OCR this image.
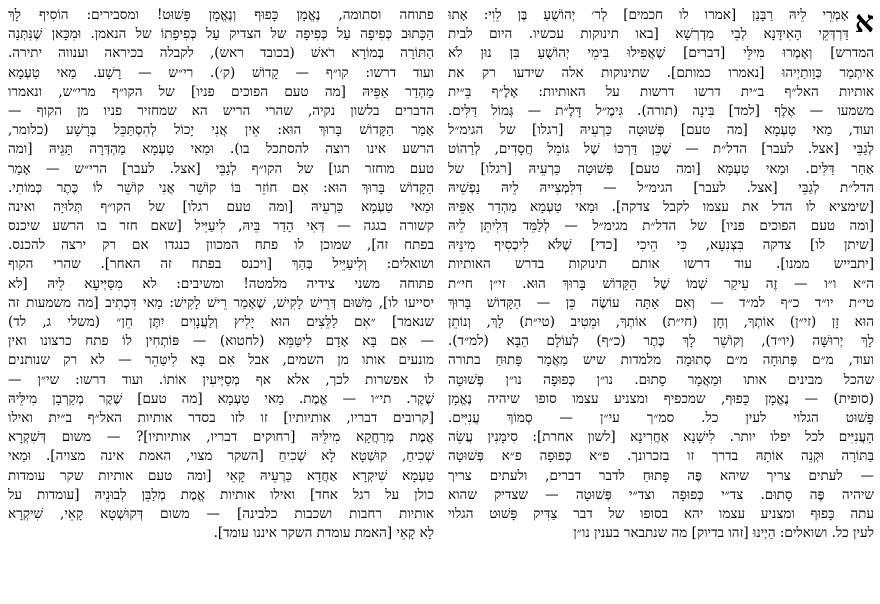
א
אָמְרֵי לֵיהּ רַבָּנַן [אמרו לו חכמים] לְר׳ יְהוֹשֻׁעַ בֶּן לֵוִי: אָתוּ
דַּרְדְּקֵי הָאִידָּנָא לְבֵי מִדְרְשָׁא [באו תינוקות עכשיו. היום לבית
המדרש] וְאָמְרוּ מִילֵּי [דברים] שֶׁאֲפִילוּ בִּימֵי יְהוֹשֻׁעַ בִּן נוּן לֹא
אִיתְמַר כְּוָותַיְיהוּ [נאמרו כמותם]. שתינוקות אלה שידעו רק את
אותיות האל״ף ב״ית דרשו דרשות על האותיות: אָלֶ״ף בֵּ״ית
משמעו — אֶלֶף [למד] בִּינָה (תורה). גִּימֶ״ל דָּלֶ״ת — גְּמוֹל דַּלִּים.
ועוד, מַאי טַעְמָא [מה טעם] פְּשׁוּטָה כַּרְעֵיהּ [רגלו] של הגימ״ל
לְגַבֵּי [אצל. לעבר] הדל״ת — שֶׁכֵּן דַּרְכּוֹ שֶׁל גּוֹמֵל חֲסָדִים, לְרַהוֹט
אַחַר דַּלִּים. וּמַאי טַעְמָא [ומה טעם] פְּשׁוּטָה כַּרְעֵיהּ [רגלו] של
הדל״ת לְגַבֵּי [אצל. לעבר] הגימ״ל — דִּלִמְצִייהּ לֵיהּ נַפְשֵׁיהּ
[שימציא לו הדל את עצמו לקבל צדקה]. וּמַאי טַעְמָא מַהְדַר אַפֵּיהּ
[ומה טעם הפוכים פניו] של הדל״ת מגימ״ל — לְלַמֵּד דְּלִיתֵּן לֵיהּ
[שיתן לו] צדקה בִּצְנִעָא, כִּי הֵיכִי [כדי] שֶׁלֹּא לִיכְסִיף מִינֵּיהּ
[יתבייש ממנו]. עוד דרשו אותם תינוקות בדרש האותיות
ה״א ו״ו — זֶה עִיקַר שְׁמוֹ שֶׁל הַקָּדוֹשׁ בָּרוּךְ הוּא. זי״ן חי״ת
טי״ת יו״ד כ״ף למ״ד — וְאִם אַתָּה עוֹשֶׂה כֵּן — הַקָּדוֹשׁ בָּרוּךְ
הוּא זָן (זי״ן) אוֹתְךָ, וְחָן (חי״ת) אוֹתְךָ, וּמֵטִיב (טי״ת) לָךְ, וְנוֹתֵן
לָךְ יְרוּשָּׁה (יו״ד), וְקוֹשֵׁר לָךְ כֶּתֶר (כ״ף) לְעוֹלָם הַבָּא (למ״ד).
ועוד, מ״ם פְּתוּחָה מ״ם סְתוּמָה מלמדות שיש מַאֲמָר פָּתוּחַ בתורה
שהכל מבינים אותו וּמַאֲמָר סָתוּם. נו״ן כְּפוּפָה נו״ן פְּשׁוּטָה
(סופית) — נֶאֱמָן כָּפוּף, שמכפיף ומצניע עצמו סופו שיהיה נֶאֱמָן
פָּשׁוּט הגלוי לעין כל. סמ״ך עי״ן — סְמוֹךְ עֲנִיִּים.
הָעֲנִיִּים לכל יפלו יותר. לִישָׁנָא אַחֲרִינָא [לשון אחרת]: סִימָנִין עֲשֵׂה
בַּתּוֹרָה וּקְנֵה אוֹתָהּ בדרך זו בזכרונך. פ״א כְּפוּפָה פ״א פְּשׁוּטָה
— לעתים צריך שיהא פֶּה פָּתוּחַ לדבר דברים, ולעתים צריך
שיהיה פֶּה סָתוּם. צד״י כְּפוּפָה וצד״י פְּשׁוּטָה — שצדיק שהוא
עתה כָּפוּף ומצניע עצמו יהא בסופו של דבר צַדִּיק פָּשׁוּט הגלוי
לעין כל. ושואלים: הַיְינוּ [זהו בדיוק] מה שנתבאר בענין נו״ן
פתוחה וסתומה, נֶאֱמָן כָּפוּף וְנֶאֱמָן פָּשׁוּט! ומסבירים: הוֹסִיף לָךְ
הַכָּתוּב כְּפִיפָה עַל כְּפִיפָה של הצדיק עַל כְּפִיפָתוֹ של הנאמן. וּמִכָּאן שֶׁנִּתְּנָה
הַתּוֹרָה בְּמוֹרָא רֹאשׁ (בכובד ראש), לקבלה בכיראה וענווה יתירה.
ועוד דרשו: קו״ף — קָדוֹשׁ (ק׳). רי״ש — רָשָׁע. מַאי טַעְמָא
מַהְדַר אַפֵּיהּ [מה טעם הפוכים פניו] של הקו״ף מרי״ש, ונאמרו
הדברים בלשון נקיה, שהרי הריש הא שמחזיר פניו מן הקוף —
אָמַר הַקָּדוֹשׁ בָּרוּךְ הוּא: אֵין אֲנִי יָכוֹל לְהִסְתַּכֵּל בְּרָשָׁע (כלומר,
הרשע אינו רוצה להסתכל בו). וּמַאי טַעְמָא מַהְדְּרָה תָּגֵיהּ [ומה
טעם מוחזר תגו] של הקו״ף לְגַבֵּי [אצל. לעבר] הרי״ש — אָמַר
הַקָּדוֹשׁ בָּרוּךְ הוּא: אִם חוֹזֵר בּוֹ קוֹשֵׁר אֲנִי קוֹשֵׁר לוֹ כֶּתֶר כְּמוֹתִי.
וּמַאי טַעְמָא כַּרְעֵיהּ [ומה טעם רגלו] של הקו״ף תְּלוּיָה ואינה
קשורה בגגה — דְּאִי הָדַר בֵּיהּ, לִיעַיֵּיל [שאם חזר בו הרשע שיכנס
בפתח זה], שמוכן לו פתח המכוון כנגדו אם רק ירצה להכנס.
ושואלים: וְלִיעַיֵּיל בְּהַךְ [ויכנס בפתח זה האחר]. שהרי הקוף
פתוחה משני צידיה מלמטה! ומשיבים: לא מִסַּיְּיעָא לֵיהּ [לא
יסייעו לו], מִשּׁוּם דְּרֵישׁ לָקִישׁ, שֶׁאָמַר רֵישׁ לָקִישׁ: מַאי דִּכְתִיב [מה משמעות זה
שנאמר] ״אִם לַלֵּצִים הוּא יָלִיץ וְלַעֲנָוִים יִתֶּן חֵן״ (משלי ג, לד)
— אִם בָּא אָדָם לִיטַּמֵּא (לחטוא) — פּוֹתְחִין לוֹ פתח כרצונו ואין
מונעים אותו מן השמים, אבל אִם בָּא לִיטַּהֵר — לא רק שנותנים
לו אפשרות לכך, אלא אף מְסַיְּיעִין אוֹתוֹ. ועוד דרשו: שי״ן —
שֶׁקֶר. תי״ו — אֱמֶת. מַאי טַעְמָא [מה טעם] שֶׁקֶר מְקַרְבָן מִילֵּיהּ
[קרובים דבריו, אותיותיו] זו לזו בסדר אותיות האל״ף ב״ית ואילו
אֱמֶת מְרַחֲקָא מִילֵּיהּ [רחוקים דבריו, אותיותיו]? — משום דְּשִׁקְרָא
שְׁכִיחַ, קוּשְׁטָא לָא שְׁכִיחַ [השקר מצוי, האמת אינה מצויה]. וּמַאי
טַעְמָא שִׁיקְרָא אַחֲדָא כַּרְעֵיהּ קָאֵי [ומה טעם אותיות שקר עומדות
כולן על רגל אחד] ואילו אותיות אֱמֶת מְלַבֵּן לְבוּנֵיהּ [עומדות על
אותיות רחבות ושכבות כלבינה] — משום דְּקוּשְׁטָא קָאֵי, שִׁיקְרָא
לָא קָאֵי [האמת עומדת השקר איננו עומד].
